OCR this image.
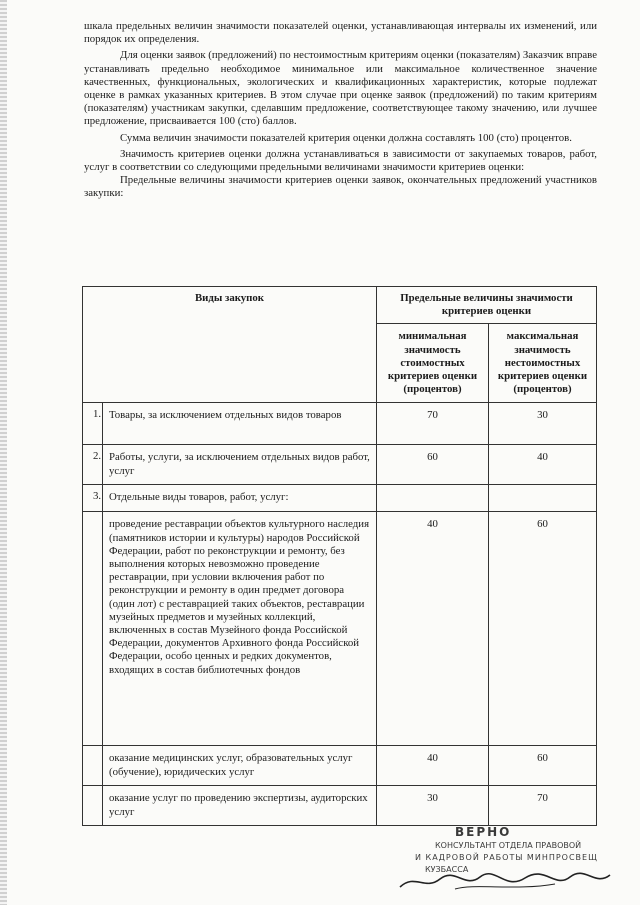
шкала предельных величин значимости показателей оценки, устанавливающая интервалы их изменений, или порядок их определения.

Для оценки заявок (предложений) по нестоимостным критериям оценки (показателям) Заказчик вправе устанавливать предельно необходимое минимальное или максимальное количественное значение качественных, функциональных, экологических и квалификационных характеристик, которые подлежат оценке в рамках указанных критериев. В этом случае при оценке заявок (предложений) по таким критериям (показателям) участникам закупки, сделавшим предложение, соответствующее такому значению, или лучшее предложение, присваивается 100 (сто) баллов.

Сумма величин значимости показателей критерия оценки должна составлять 100 (сто) процентов.

Значимость критериев оценки должна устанавливаться в зависимости от закупаемых товаров, работ, услуг в соответствии со следующими предельными величинами значимости критериев оценки:

Предельные величины значимости критериев оценки заявок, окончательных предложений участников закупки:

Виды закупок		Предельные величины значимости критериев оценки	
		минимальная значимость стоимостных критериев оценки (процентов)	максимальная значимость нестоимостных критериев оценки (процентов)
1.	Товары, за исключением отдельных видов товаров	70	30
2.	Работы, услуги, за исключением отдельных видов работ, услуг	60	40
3.	Отдельные виды товаров, работ, услуг:		
	проведение реставрации объектов культурного наследия (памятников истории и культуры) народов Российской Федерации, работ по реконструкции и ремонту, без выполнения которых невозможно проведение реставрации, при условии включения работ по реконструкции и ремонту в один предмет договора (один лот) с реставрацией таких объектов, реставрации музейных предметов и музейных коллекций, включенных в состав Музейного фонда Российской Федерации, документов Архивного фонда Российской Федерации, особо ценных и редких документов, входящих в состав библиотечных фондов	40	60
	оказание медицинских услуг, образовательных услуг (обучение), юридических услуг	40	60
	оказание услуг по проведению экспертизы, аудиторских услуг	30	70
ВЕРНО
КОНСУЛЬТАНТ ОТДЕЛА ПРАВОВОЙ
И КАДРОВОЙ РАБОТЫ МИНПРОСВЕЩ
КУЗБАССА
